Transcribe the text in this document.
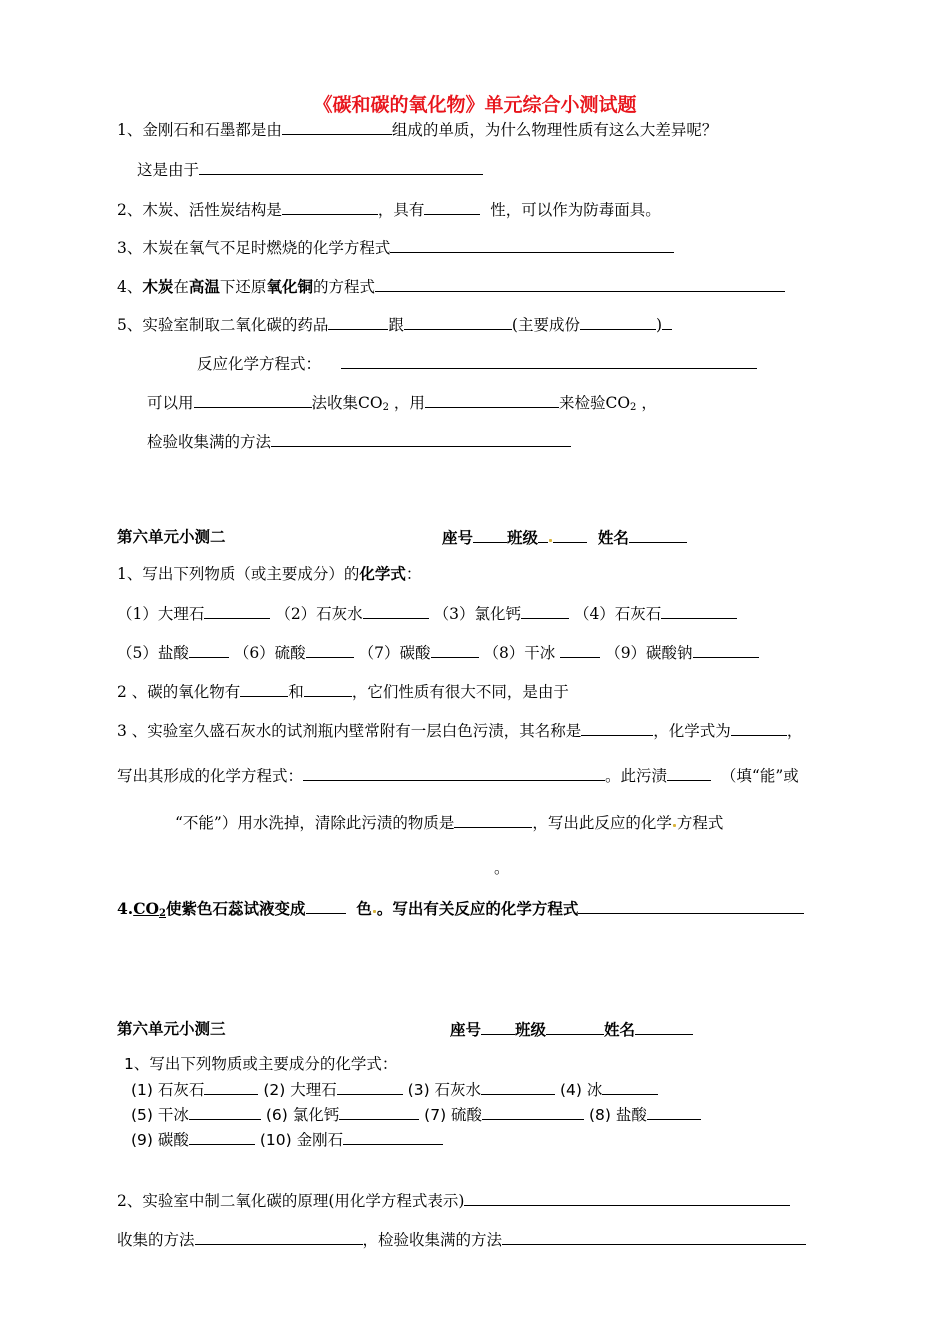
《碳和碳的氧化物》单元综合小测试题
1、金刚石和石墨都是由	组成的单质，为什么物理性质有这么大差异呢？
这是由于
2、木炭、活性炭结构是	，具有	性，可以作为防毒面具。
3、木炭在氧气不足时燃烧的化学方程式
4、木炭在高温下还原氧化铜的方程式
5、实验室制取二氧化碳的药品	跟	(主要成份	)
反应化学方程式：
可以用	法收集$CO_2$ ，用	来检验$CO_2$ ，
检验收集满的方法
第六单元小测二	座号 班级	姓名
1、写出下列物质（或主要成分）的化学式：
（1）大理石	（2）石灰水	（3）氯化钙	（4）石灰石
（5）盐酸	（6）硫酸	（7）碳酸	（8）干冰	（9）碳酸钠
2 、碳的氧化物有	和	，它们性质有很大不同，是由于
3 、实验室久盛石灰水的试剂瓶内壁常附有一层白色污渍，其名称是	，化学式为	，
写出其形成的化学方程式：	。此污渍	（填“能”或
“不能”）用水洗掉，清除此污渍的物质是	，写出此反应的化学 方程式
。
$4.CO_2$使紫色石蕊试液变成	色 。写出有关反应的化学方程式
第六单元小测三	座号 班级	姓名
1、写出下列物质或主要成分的化学式：
(1) 石灰石	(2) 大理石	(3) 石灰水	(4) 冰
(5) 干冰	(6) 氯化钙	(7) 硫酸	(8) 盐酸
(9) 碳酸	(10) 金刚石
2、实验室中制二氧化碳的原理(用化学方程式表示)
收集的方法	，检验收集满的方法
